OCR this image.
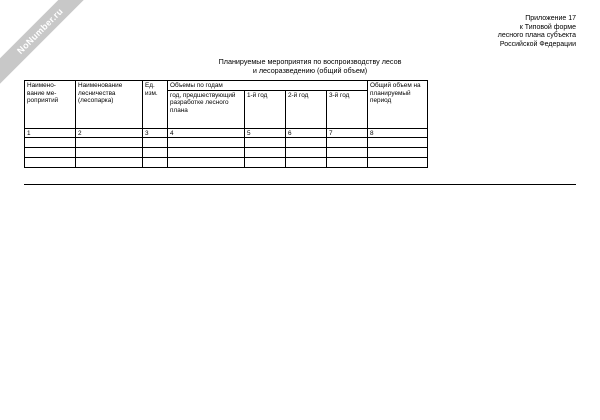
NoNumber.ru	Приложение 17
к Типовой форме
лесного плана субъекта
Российской Федерации
Планируемые мероприятия по воспроизводству лесов
и лесоразведению (общий объем)
Наимено- вание ме- роприятий	Наименование лесничества (лесопарка)	Ед. изм.	Объемы по годам				Общий объем на планируемый период
			год, предшествующий разработке лесного плана	1-й год	2-й год	3-й год	
1	2	3	4	5	6	7	8
